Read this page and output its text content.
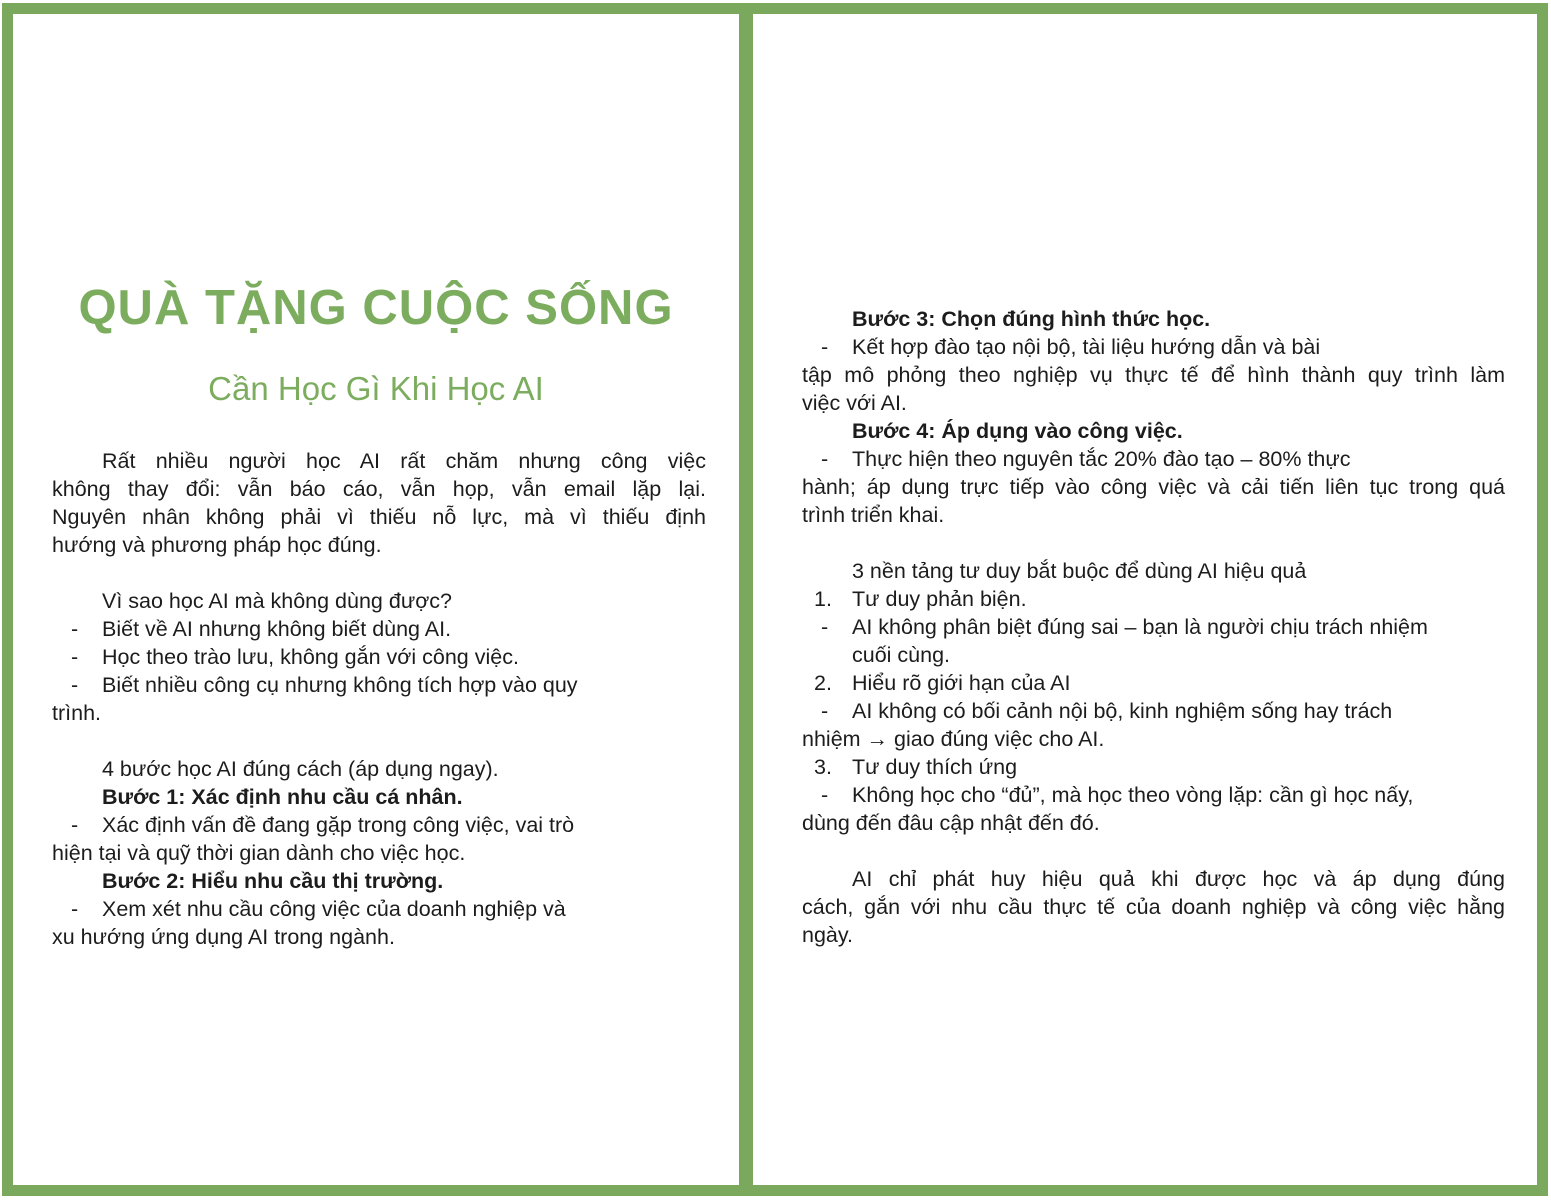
QUÀ TẶNG CUỘC SỐNG
Cần Học Gì Khi Học AI
Rất nhiều người học AI rất chăm nhưng công việc
không thay đổi: vẫn báo cáo, vẫn họp, vẫn email lặp lại.
Nguyên nhân không phải vì thiếu nỗ lực, mà vì thiếu định
hướng và phương pháp học đúng.
Vì sao học AI mà không dùng được?
- Biết về AI nhưng không biết dùng AI.
- Học theo trào lưu, không gắn với công việc.
- Biết nhiều công cụ nhưng không tích hợp vào quy
trình.
4 bước học AI đúng cách (áp dụng ngay).
Bước 1: Xác định nhu cầu cá nhân.
- Xác định vấn đề đang gặp trong công việc, vai trò
hiện tại và quỹ thời gian dành cho việc học.
Bước 2: Hiểu nhu cầu thị trường.
- Xem xét nhu cầu công việc của doanh nghiệp và
xu hướng ứng dụng AI trong ngành.
Bước 3: Chọn đúng hình thức học.
- Kết hợp đào tạo nội bộ, tài liệu hướng dẫn và bài
tập mô phỏng theo nghiệp vụ thực tế để hình thành quy trình làm
việc với AI.
Bước 4: Áp dụng vào công việc.
- Thực hiện theo nguyên tắc 20% đào tạo – 80% thực
hành; áp dụng trực tiếp vào công việc và cải tiến liên tục trong quá
trình triển khai.
3 nền tảng tư duy bắt buộc để dùng AI hiệu quả
1. Tư duy phản biện.
- AI không phân biệt đúng sai – bạn là người chịu trách nhiệm
cuối cùng.
2. Hiểu rõ giới hạn của AI
- AI không có bối cảnh nội bộ, kinh nghiệm sống hay trách
nhiệm → giao đúng việc cho AI.
3. Tư duy thích ứng
- Không học cho “đủ”, mà học theo vòng lặp: cần gì học nấy,
dùng đến đâu cập nhật đến đó.
AI chỉ phát huy hiệu quả khi được học và áp dụng đúng
cách, gắn với nhu cầu thực tế của doanh nghiệp và công việc hằng
ngày.
